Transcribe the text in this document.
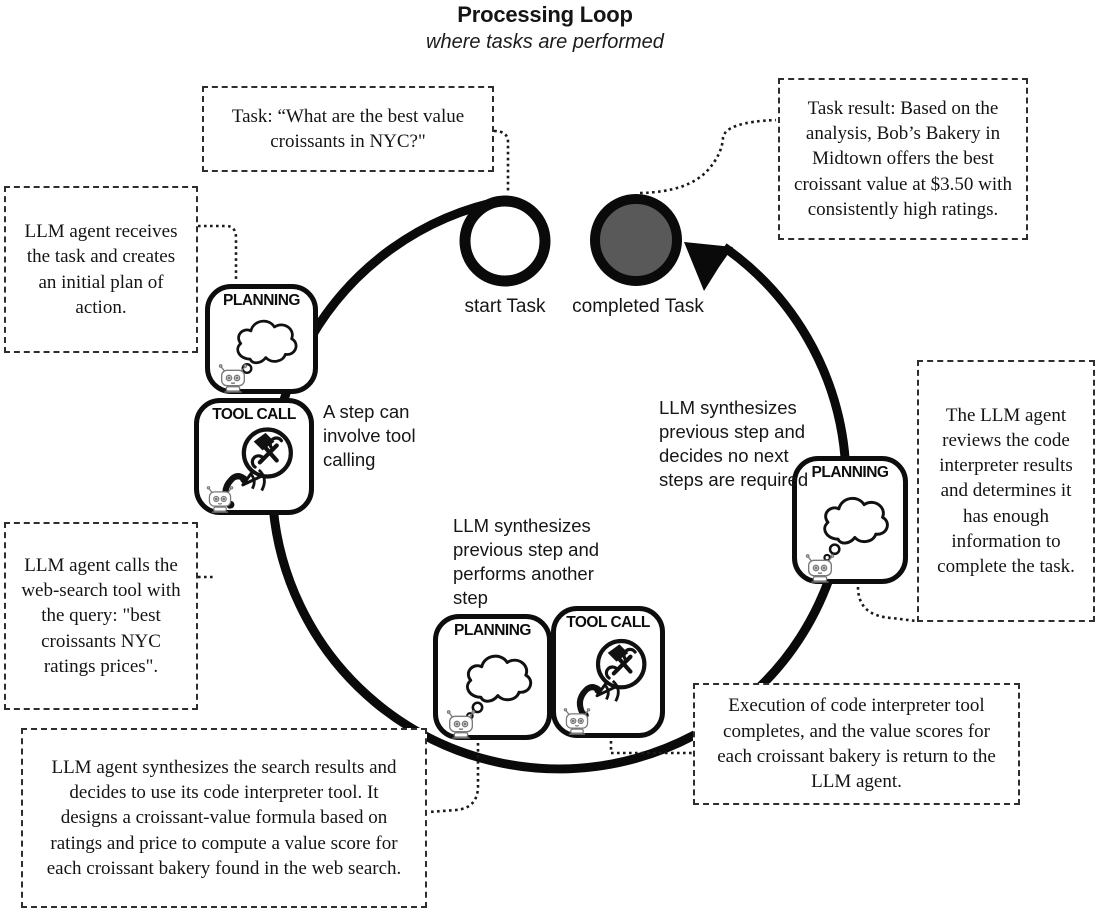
Processing Loop
where tasks are performed
start Task	completed Task
A step can involve tool calling
LLM synthesizes previous step and performs another step
LLM synthesizes previous step and decides no next steps are required
Task: “What are the best value croissants in NYC?"
Task result: Based on the analysis, Bob’s Bakery in Midtown offers the best croissant value at $3.50 with consistently high ratings.
LLM agent receives the task and creates an initial plan of action.
LLM agent calls the web-search tool with the query: "best croissants NYC ratings prices".
LLM agent synthesizes the search results and decides to use its code interpreter tool. It designs a croissant-value formula based on ratings and price to compute a value score for each croissant bakery found in the web search.
Execution of code interpreter tool completes, and the value scores for each croissant bakery is return to the LLM agent.
The LLM agent reviews the code interpreter results and determines it has enough information to complete the task.
PLANNING
TOOL CALL
PLANNING	TOOL CALL
PLANNING
